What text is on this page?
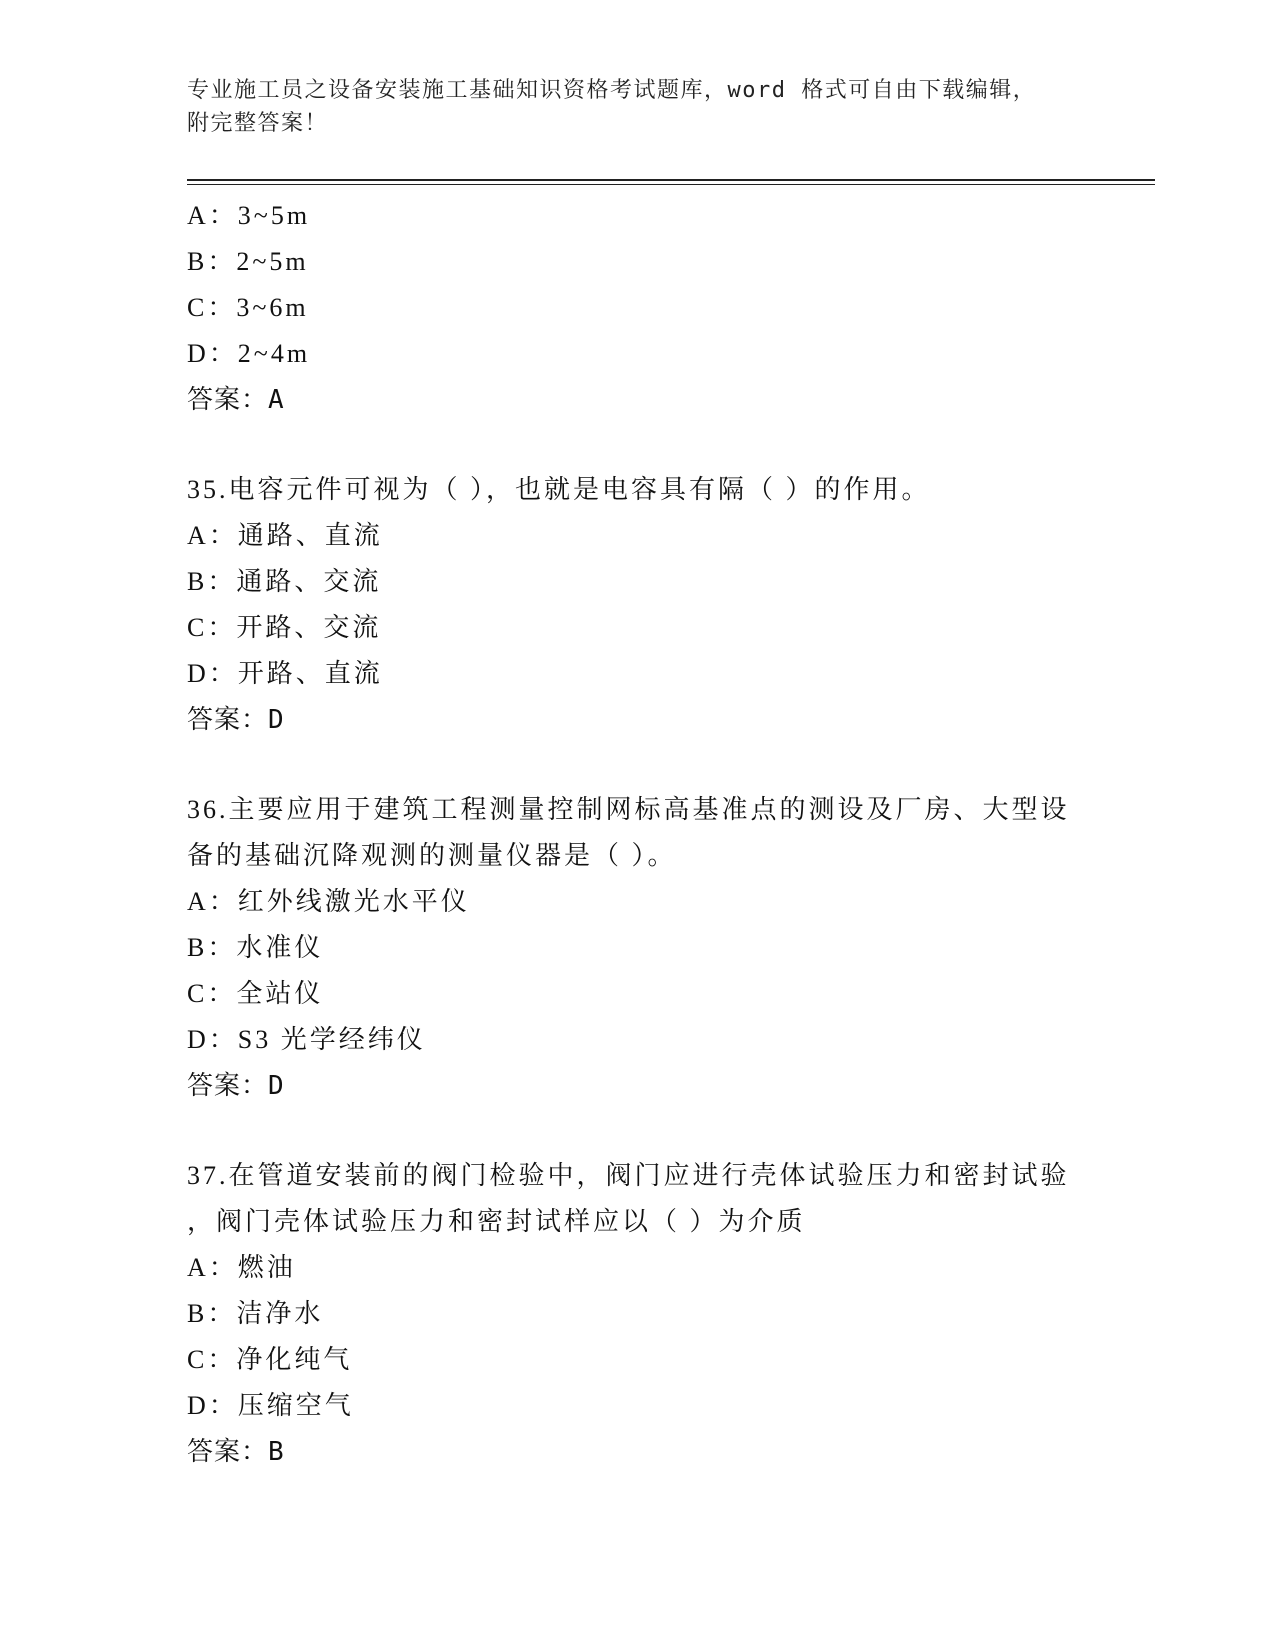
专业施工员之设备安装施工基础知识资格考试题库，word 格式可自由下载编辑，
附完整答案！
A：3~5m
B：2~5m
C：3~6m
D：2~4m
答案：A
35.电容元件可视为（ ），也就是电容具有隔（ ）的作用。
A：通路、直流
B：通路、交流
C：开路、交流
D：开路、直流
答案：D
36.主要应用于建筑工程测量控制网标高基准点的测设及厂房、大型设
备的基础沉降观测的测量仪器是（ ）。
A：红外线激光水平仪
B：水准仪
C：全站仪
D：S3 光学经纬仪
答案：D
37.在管道安装前的阀门检验中，阀门应进行壳体试验压力和密封试验
，阀门壳体试验压力和密封试样应以（ ）为介质
A：燃油
B：洁净水
C：净化纯气
D：压缩空气
答案：B
